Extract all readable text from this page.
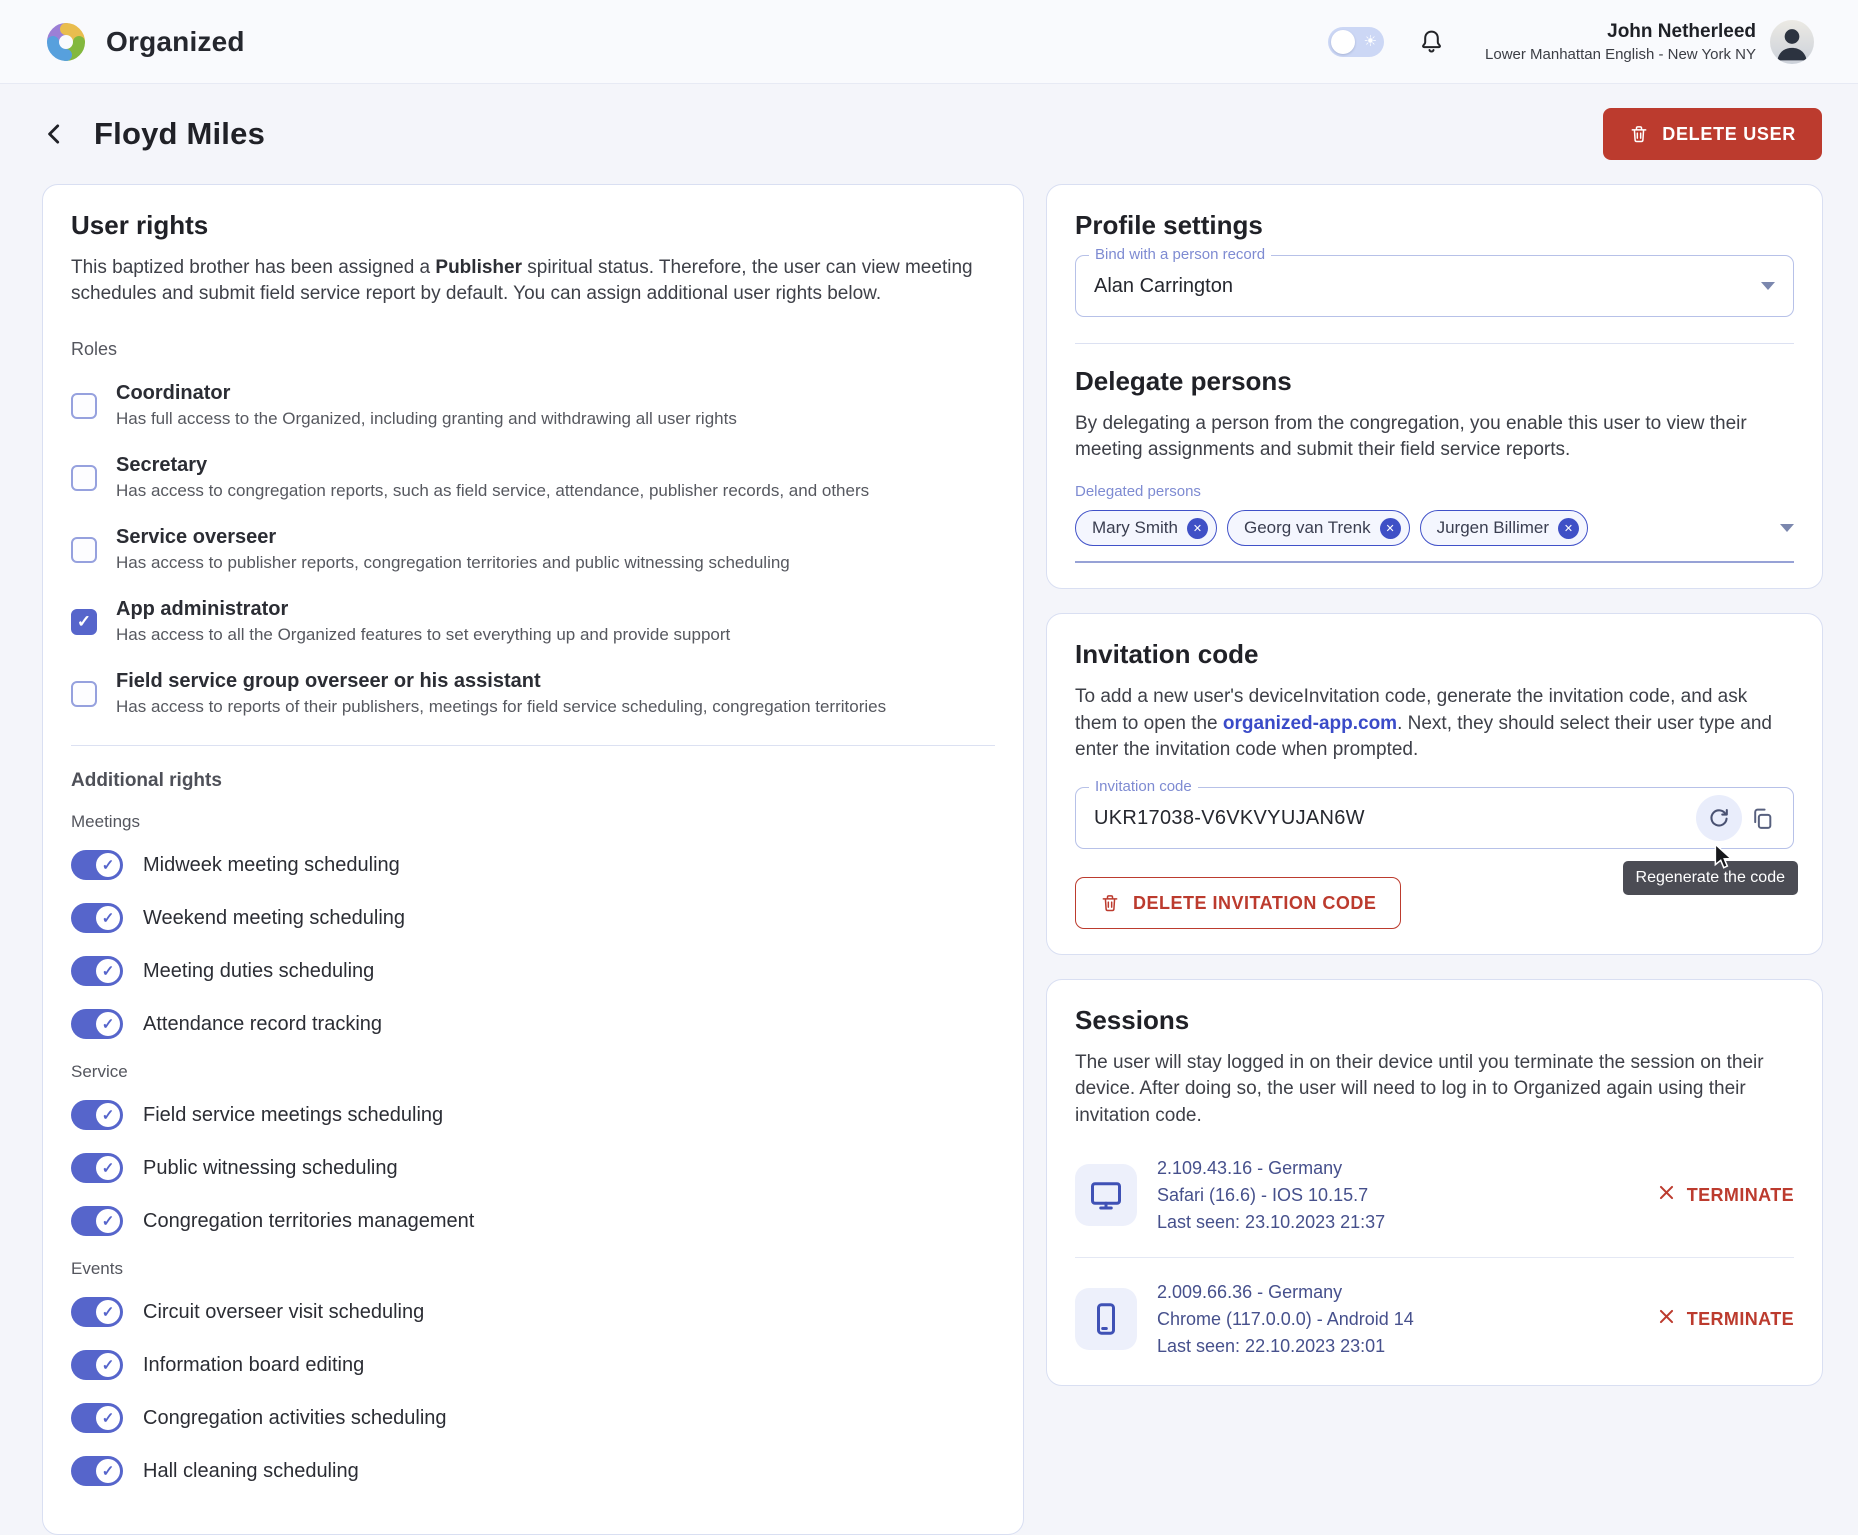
Organized	☀	John Netherleed
Lower Manhattan English - New York NY
Floyd Miles	DELETE USER
User rights

This baptized brother has been assigned a Publisher spiritual status. Therefore, the user can view meeting schedules and submit field service report by default. You can assign additional user rights below.

Roles
Coordinator
Has full access to the Organized, including granting and withdrawing all user rights
Secretary
Has access to congregation reports, such as field service, attendance, publisher records, and others
Service overseer
Has access to publisher reports, congregation territories and public witnessing scheduling
✓
App administrator
Has access to all the Organized features to set everything up and provide support
Field service group overseer or his assistant
Has access to reports of their publishers, meetings for field service scheduling, congregation territories
Additional rights
Meetings
✓ Midweek meeting scheduling
✓ Weekend meeting scheduling
✓ Meeting duties scheduling
✓ Attendance record tracking
Service
✓ Field service meetings scheduling
✓ Public witnessing scheduling
✓ Congregation territories management
Events
✓ Circuit overseer visit scheduling
✓ Information board editing
✓ Congregation activities scheduling
✓ Hall cleaning scheduling
Profile settings
Bind with a person record
Alan Carrington
Delegate persons

By delegating a person from the congregation, you enable this user to view their meeting assignments and submit their field service reports.

Delegated persons
Mary Smith	✕	Georg van Trenk	✕	Jurgen Billimer	✕
Invitation code

To add a new user's deviceInvitation code, generate the invitation code, and ask them to open the organized-app.com. Next, they should select their user type and enter the invitation code when prompted.

Invitation code
UKR17038-V6VKVYUJAN6W
Regenerate the code
DELETE INVITATION CODE
Sessions

The user will stay logged in on their device until you terminate the session on their device. After doing so, the user will need to log in to Organized again using their invitation code.

2.109.43.16 - Germany
Safari (16.6) - IOS 10.15.7
Last seen: 23.10.2023 21:37
TERMINATE
2.009.66.36 - Germany
Chrome (117.0.0.0) - Android 14
Last seen: 22.10.2023 23:01
TERMINATE
